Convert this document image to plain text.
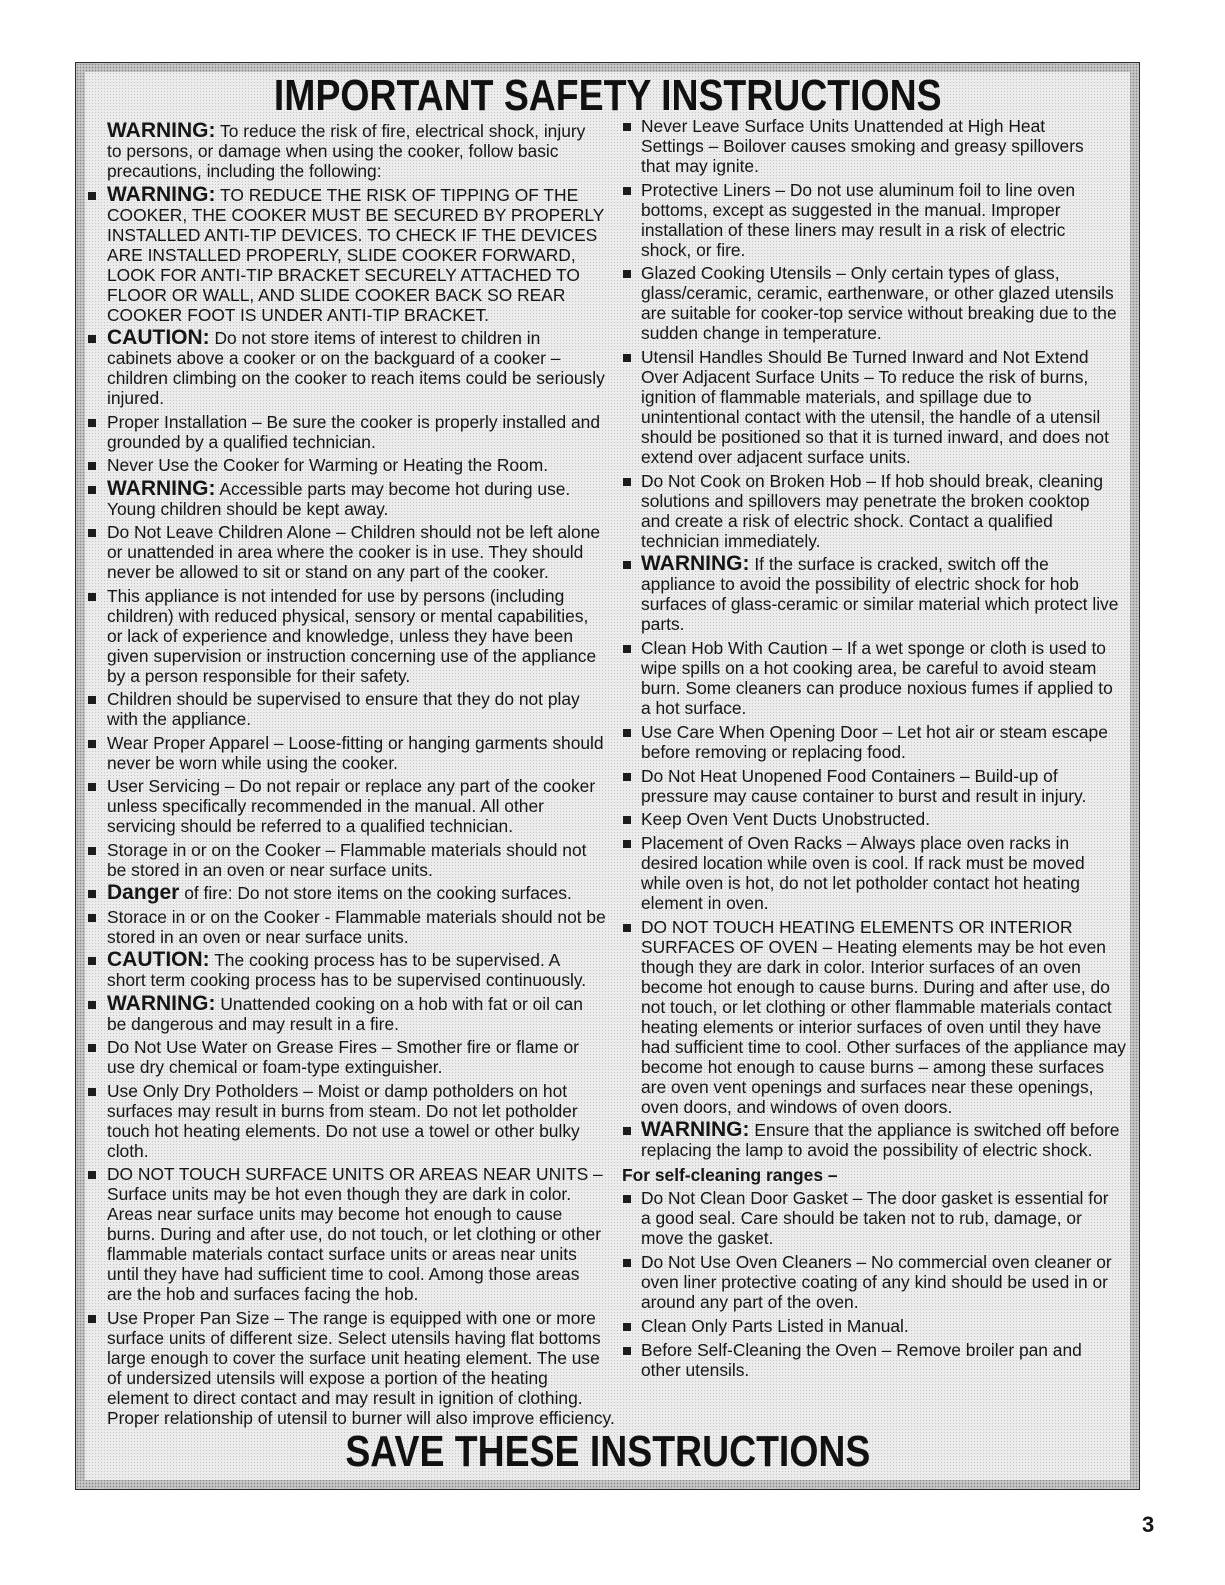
IMPORTANT SAFETY INSTRUCTIONS
WARNING: To reduce the risk of fire, electrical shock, injury
to persons, or damage when using the cooker, follow basic
precautions, including the following:
WARNING: TO REDUCE THE RISK OF TIPPING OF THE
COOKER, THE COOKER MUST BE SECURED BY PROPERLY
INSTALLED ANTI-TIP DEVICES. TO CHECK IF THE DEVICES
ARE INSTALLED PROPERLY, SLIDE COOKER FORWARD,
LOOK FOR ANTI-TIP BRACKET SECURELY ATTACHED TO
FLOOR OR WALL, AND SLIDE COOKER BACK SO REAR
COOKER FOOT IS UNDER ANTI-TIP BRACKET.
CAUTION: Do not store items of interest to children in
cabinets above a cooker or on the backguard of a cooker –
children climbing on the cooker to reach items could be seriously
injured.
Proper Installation – Be sure the cooker is properly installed and
grounded by a qualified technician.
Never Use the Cooker for Warming or Heating the Room.
WARNING: Accessible parts may become hot during use.
Young children should be kept away.
Do Not Leave Children Alone – Children should not be left alone
or unattended in area where the cooker is in use. They should
never be allowed to sit or stand on any part of the cooker.
This appliance is not intended for use by persons (including
children) with reduced physical, sensory or mental capabilities,
or lack of experience and knowledge, unless they have been
given supervision or instruction concerning use of the appliance
by a person responsible for their safety.
Children should be supervised to ensure that they do not play
with the appliance.
Wear Proper Apparel – Loose-fitting or hanging garments should
never be worn while using the cooker.
User Servicing – Do not repair or replace any part of the cooker
unless specifically recommended in the manual. All other
servicing should be referred to a qualified technician.
Storage in or on the Cooker – Flammable materials should not
be stored in an oven or near surface units.
Danger of fire: Do not store items on the cooking surfaces.
Storace in or on the Cooker - Flammable materials should not be
stored in an oven or near surface units.
CAUTION: The cooking process has to be supervised. A
short term cooking process has to be supervised continuously.
WARNING: Unattended cooking on a hob with fat or oil can
be dangerous and may result in a fire.
Do Not Use Water on Grease Fires – Smother fire or flame or
use dry chemical or foam-type extinguisher.
Use Only Dry Potholders – Moist or damp potholders on hot
surfaces may result in burns from steam. Do not let potholder
touch hot heating elements. Do not use a towel or other bulky
cloth.
DO NOT TOUCH SURFACE UNITS OR AREAS NEAR UNITS –
Surface units may be hot even though they are dark in color.
Areas near surface units may become hot enough to cause
burns. During and after use, do not touch, or let clothing or other
flammable materials contact surface units or areas near units
until they have had sufficient time to cool. Among those areas
are the hob and surfaces facing the hob.
Use Proper Pan Size – The range is equipped with one or more
surface units of different size. Select utensils having flat bottoms
large enough to cover the surface unit heating element. The use
of undersized utensils will expose a portion of the heating
element to direct contact and may result in ignition of clothing.
Proper relationship of utensil to burner will also improve efficiency.
Never Leave Surface Units Unattended at High Heat
Settings – Boilover causes smoking and greasy spillovers
that may ignite.
Protective Liners – Do not use aluminum foil to line oven
bottoms, except as suggested in the manual. Improper
installation of these liners may result in a risk of electric
shock, or fire.
Glazed Cooking Utensils – Only certain types of glass,
glass/ceramic, ceramic, earthenware, or other glazed utensils
are suitable for cooker-top service without breaking due to the
sudden change in temperature.
Utensil Handles Should Be Turned Inward and Not Extend
Over Adjacent Surface Units – To reduce the risk of burns,
ignition of flammable materials, and spillage due to
unintentional contact with the utensil, the handle of a utensil
should be positioned so that it is turned inward, and does not
extend over adjacent surface units.
Do Not Cook on Broken Hob – If hob should break, cleaning
solutions and spillovers may penetrate the broken cooktop
and create a risk of electric shock. Contact a qualified
technician immediately.
WARNING: If the surface is cracked, switch off the
appliance to avoid the possibility of electric shock for hob
surfaces of glass-ceramic or similar material which protect live
parts.
Clean Hob With Caution – If a wet sponge or cloth is used to
wipe spills on a hot cooking area, be careful to avoid steam
burn. Some cleaners can produce noxious fumes if applied to
a hot surface.
Use Care When Opening Door – Let hot air or steam escape
before removing or replacing food.
Do Not Heat Unopened Food Containers – Build-up of
pressure may cause container to burst and result in injury.
Keep Oven Vent Ducts Unobstructed.
Placement of Oven Racks – Always place oven racks in
desired location while oven is cool. If rack must be moved
while oven is hot, do not let potholder contact hot heating
element in oven.
DO NOT TOUCH HEATING ELEMENTS OR INTERIOR
SURFACES OF OVEN – Heating elements may be hot even
though they are dark in color. Interior surfaces of an oven
become hot enough to cause burns. During and after use, do
not touch, or let clothing or other flammable materials contact
heating elements or interior surfaces of oven until they have
had sufficient time to cool. Other surfaces of the appliance may
become hot enough to cause burns – among these surfaces
are oven vent openings and surfaces near these openings,
oven doors, and windows of oven doors.
WARNING: Ensure that the appliance is switched off before
replacing the lamp to avoid the possibility of electric shock.
For self-cleaning ranges –
Do Not Clean Door Gasket – The door gasket is essential for
a good seal. Care should be taken not to rub, damage, or
move the gasket.
Do Not Use Oven Cleaners – No commercial oven cleaner or
oven liner protective coating of any kind should be used in or
around any part of the oven.
Clean Only Parts Listed in Manual.
Before Self-Cleaning the Oven – Remove broiler pan and
other utensils.
SAVE THESE INSTRUCTIONS
3
